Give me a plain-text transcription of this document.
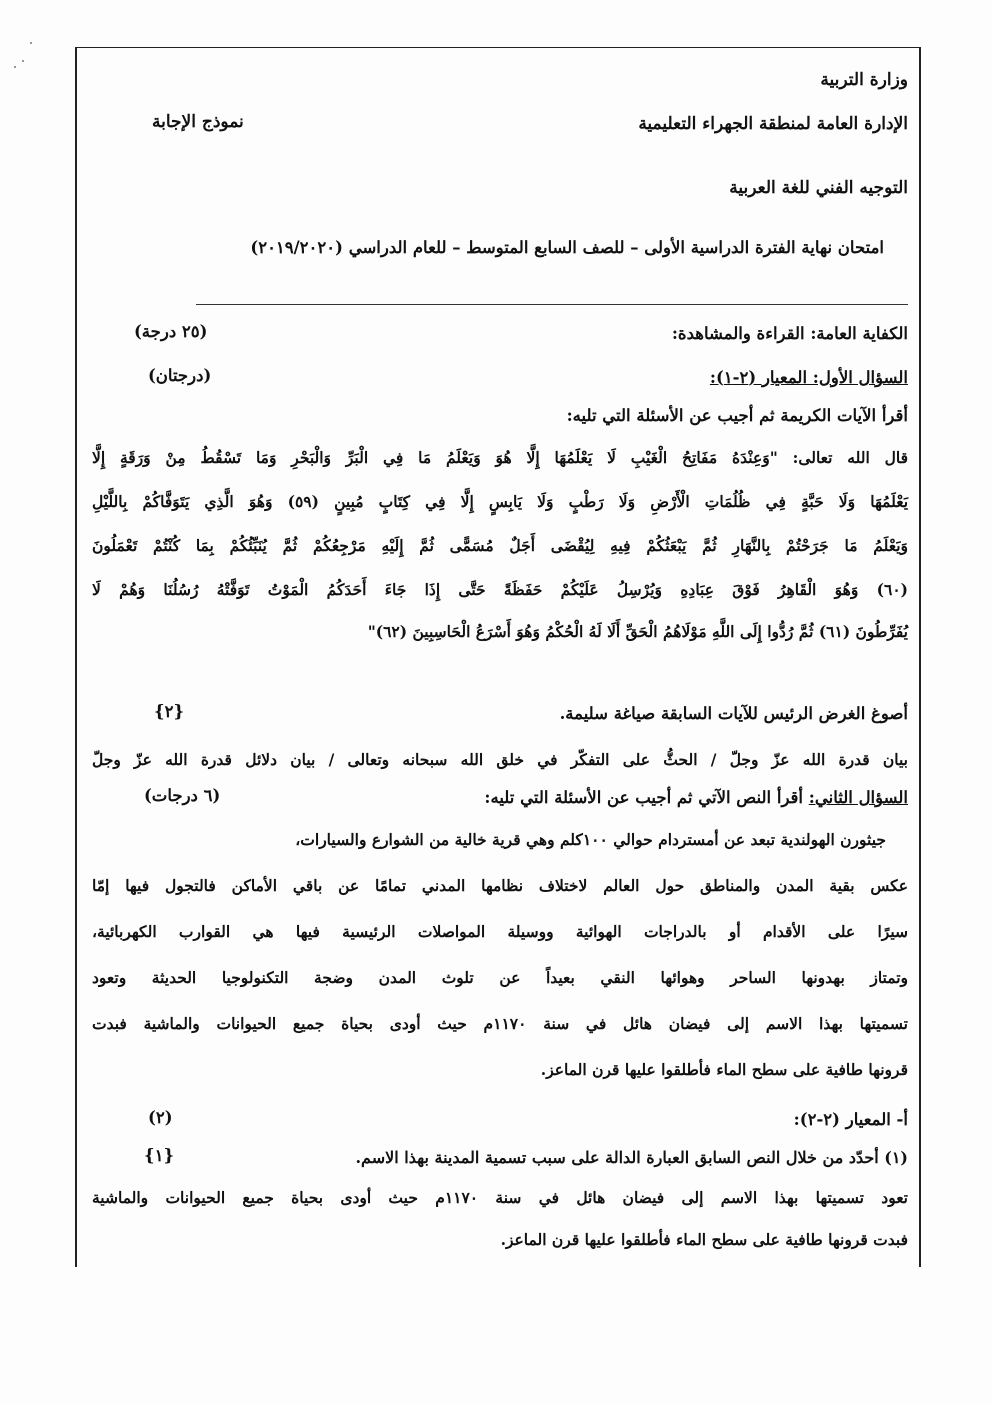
وزارة التربية
الإدارة العامة لمنطقة الجهراء التعليمية
نموذج الإجابة
التوجيه الفني للغة العربية
امتحان نهاية الفترة الدراسية الأولى – للصف السابع المتوسط – للعام الدراسي (٢٠١٩/٢٠٢٠)
الكفاية العامة: القراءة والمشاهدة:
(٢٥ درجة)
السؤال الأول: المعيار (٢-١):
(درجتان)
أقرأ الآيات الكريمة ثم أجيب عن الأسئلة التي تليه:
قال الله تعالى: "وَعِنْدَهُ مَفَاتِحُ الْغَيْبِ لَا يَعْلَمُهَا إِلَّا هُوَ وَيَعْلَمُ مَا فِي الْبَرِّ وَالْبَحْرِ وَمَا تَسْقُطُ مِنْ وَرَقَةٍ إِلَّا
يَعْلَمُهَا وَلَا حَبَّةٍ فِي ظُلُمَاتِ الْأَرْضِ وَلَا رَطْبٍ وَلَا يَابِسٍ إِلَّا فِي كِتَابٍ مُبِينٍ (٥٩) وَهُوَ الَّذِي يَتَوَفَّاكُمْ بِاللَّيْلِ
وَيَعْلَمُ مَا جَرَحْتُمْ بِالنَّهَارِ ثُمَّ يَبْعَثُكُمْ فِيهِ لِيُقْضَى أَجَلٌ مُسَمًّى ثُمَّ إِلَيْهِ مَرْجِعُكُمْ ثُمَّ يُنَبِّئُكُمْ بِمَا كُنْتُمْ تَعْمَلُونَ
(٦٠) وَهُوَ الْقَاهِرُ فَوْقَ عِبَادِهِ وَيُرْسِلُ عَلَيْكُمْ حَفَظَةً حَتَّى إِذَا جَاءَ أَحَدَكُمُ الْمَوْتُ تَوَفَّتْهُ رُسُلُنَا وَهُمْ لَا
يُفَرِّطُونَ (٦١) ثُمَّ رُدُّوا إِلَى اللَّهِ مَوْلَاهُمُ الْحَقِّ أَلَا لَهُ الْحُكْمُ وَهُوَ أَسْرَعُ الْحَاسِبِينَ (٦٢)"
أصوغ الغرض الرئيس للآيات السابقة صياغة سليمة.
{٢}
بيان قدرة الله عزّ وجلّ / الحثُّ على التفكّر في خلق الله سبحانه وتعالى / بيان دلائل قدرة الله عزّ وجلّ
السؤال الثاني: أقرأ النص الآتي ثم أجيب عن الأسئلة التي تليه:
(٦ درجات)
جيثورن الهولندية تبعد عن أمستردام حوالي ١٠٠كلم وهي قرية خالية من الشوارع والسيارات،
عكس بقية المدن والمناطق حول العالم لاختلاف نظامها المدني تمامًا عن باقي الأماكن فالتجول فيها إمّا
سيرًا على الأقدام أو بالدراجات الهوائية ووسيلة المواصلات الرئيسية فيها هي القوارب الكهربائية،
وتمتاز بهدونها الساحر وهوائها النقي بعيداً عن تلوث المدن وضجة التكنولوجيا الحديثة وتعود
تسميتها بهذا الاسم إلى فيضان هائل في سنة ١١٧٠م حيث أودى بحياة جميع الحيوانات والماشية فبدت
قرونها طافية على سطح الماء فأطلقوا عليها قرن الماعز.
أ- المعيار (٢-٢):
(٢)
(١) أحدّد من خلال النص السابق العبارة الدالة على سبب تسمية المدينة بهذا الاسم.
{١}
تعود تسميتها بهذا الاسم إلى فيضان هائل في سنة ١١٧٠م حيث أودى بحياة جميع الحيوانات والماشية
فبدت قرونها طافية على سطح الماء فأطلقوا عليها قرن الماعز.
